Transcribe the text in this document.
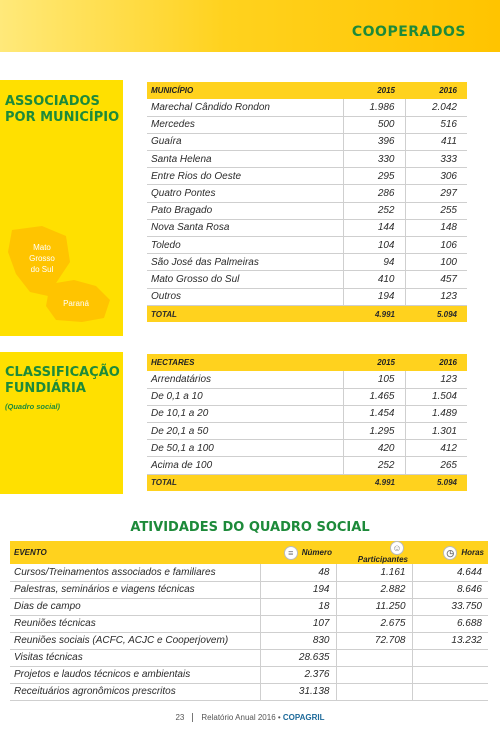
COOPERADOS
ASSOCIADOS
POR MUNICÍPIO
Mato
Grosso
do Sul
Paraná
MUNICÍPIO	2015	2016
Marechal Cândido Rondon	1.986	2.042
Mercedes	500	516
Guaíra	396	411
Santa Helena	330	333
Entre Rios do Oeste	295	306
Quatro Pontes	286	297
Pato Bragado	252	255
Nova Santa Rosa	144	148
Toledo	104	106
São José das Palmeiras	94	100
Mato Grosso do Sul	410	457
Outros	194	123
TOTAL	4.991	5.094
CLASSIFICAÇÃO
FUNDIÁRIA
(Quadro social)
HECTARES	2015	2016
Arrendatários	105	123
De 0,1 a 10	1.465	1.504
De 10,1 a 20	1.454	1.489
De 20,1 a 50	1.295	1.301
De 50,1 a 100	420	412
Acima de 100	252	265
TOTAL	4.991	5.094
ATIVIDADES DO QUADRO SOCIAL
EVENTO	≡ Número	☺Participantes	◷ Horas
Cursos/Treinamentos associados e familiares	48	1.161	4.644
Palestras, seminários e viagens técnicas	194	2.882	8.646
Dias de campo	18	11.250	33.750
Reuniões técnicas	107	2.675	6.688
Reuniões sociais (ACFC, ACJC e Cooperjovem)	830	72.708	13.232
Visitas técnicas	28.635		
Projetos e laudos técnicos e ambientais	2.376		
Receituários agronômicos prescritos	31.138		
23 Relatório Anual 2016 • COPAGRIL
